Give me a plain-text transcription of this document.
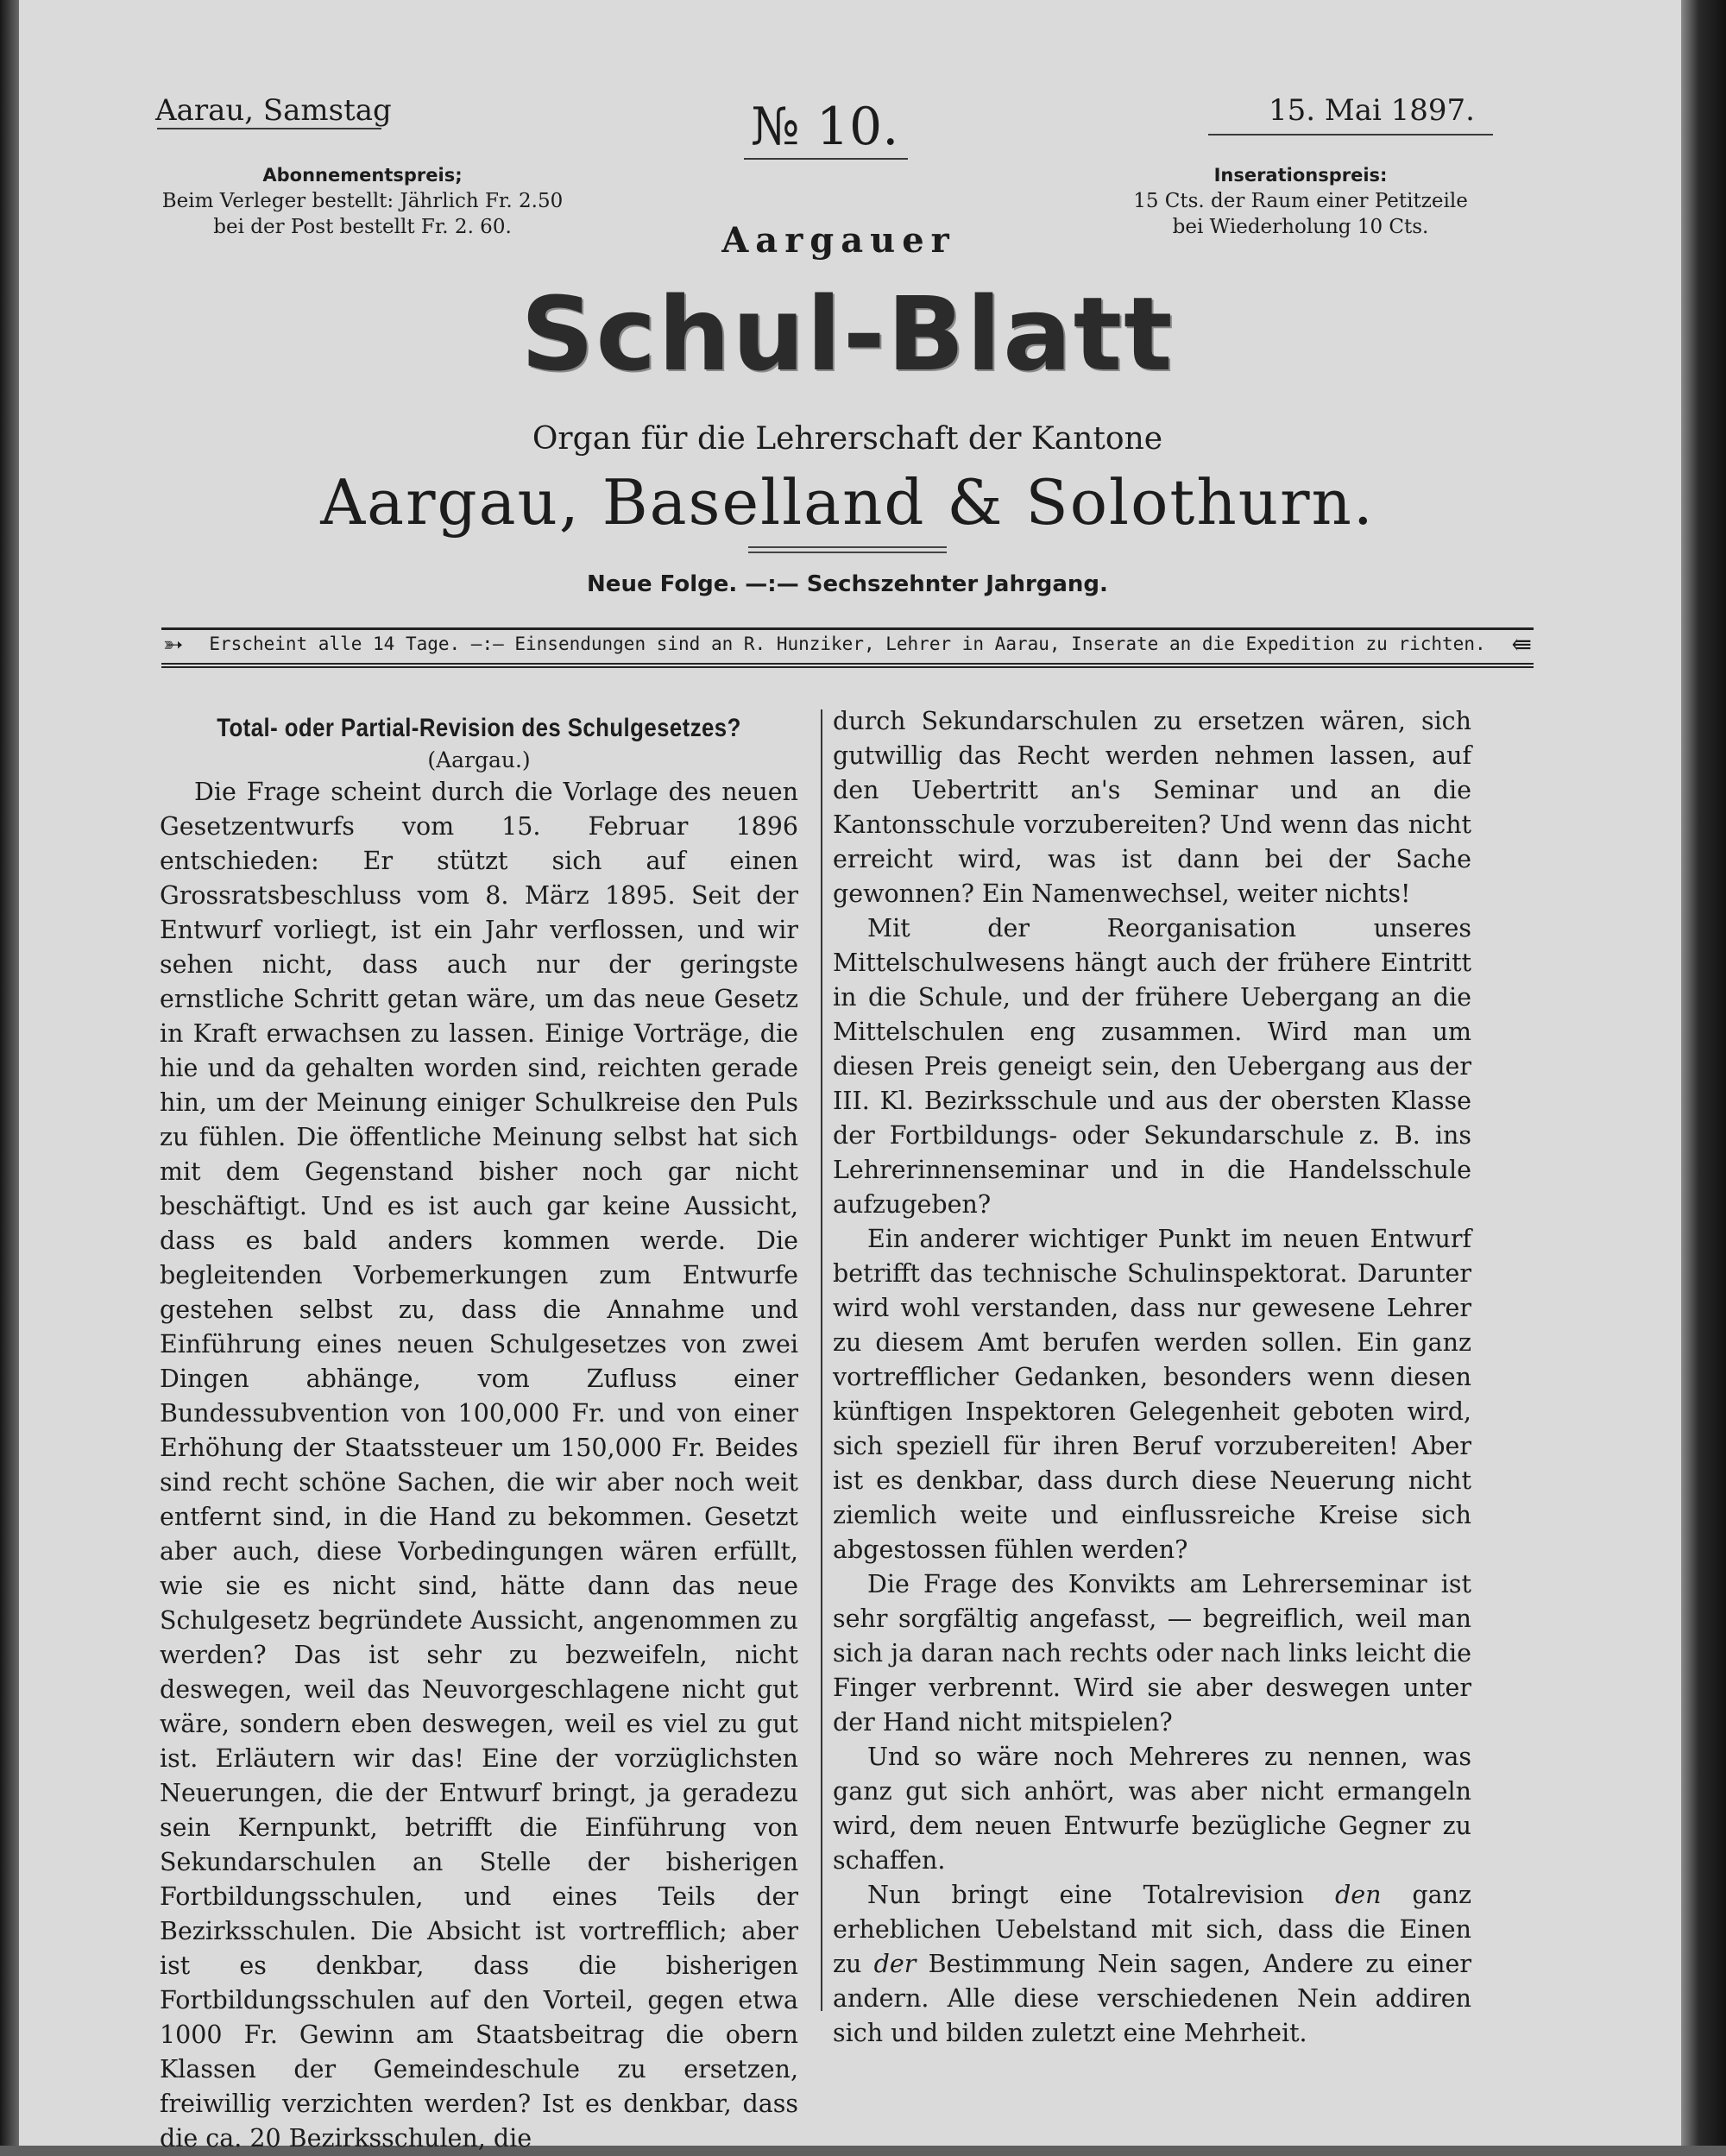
Aarau, Samstag	№ 10.	15. Mai 1897.
Abonnementspreis;
Beim Verleger bestellt: Jährlich Fr. 2.50
bei der Post bestellt Fr. 2. 60.
Inserationspreis:
15 Cts. der Raum einer Petitzeile
bei Wiederholung 10 Cts.
Aargauer
Schul-Blatt
Organ für die Lehrerschaft der Kantone
Aargau, Baselland & Solothurn.
Neue Folge. —:— Sechszehnter Jahrgang.
➳	Erscheint alle 14 Tage. —:— Einsendungen sind an R. Hunziker, Lehrer in Aarau, Inserate an die Expedition zu richten.	⇚
Total- oder Partial-Revision des Schulgesetzes?
(Aargau.)

Die Frage scheint durch die Vorlage des neuen Gesetzentwurfs vom 15. Februar 1896 entschieden: Er stützt sich auf einen Grossratsbeschluss vom 8. März 1895. Seit der Entwurf vorliegt, ist ein Jahr verflossen, und wir sehen nicht, dass auch nur der geringste ernstliche Schritt getan wäre, um das neue Gesetz in Kraft erwachsen zu lassen. Einige Vorträge, die hie und da gehalten worden sind, reichten gerade hin, um der Meinung einiger Schulkreise den Puls zu fühlen. Die öffentliche Meinung selbst hat sich mit dem Gegenstand bisher noch gar nicht beschäftigt. Und es ist auch gar keine Aussicht, dass es bald anders kommen werde. Die begleitenden Vorbemerkungen zum Entwurfe gestehen selbst zu, dass die Annahme und Einführung eines neuen Schulgesetzes von zwei Dingen abhänge, vom Zufluss einer Bundessubvention von 100,000 Fr. und von einer Erhöhung der Staatssteuer um 150,000 Fr. Beides sind recht schöne Sachen, die wir aber noch weit entfernt sind, in die Hand zu bekommen. Gesetzt aber auch, diese Vorbedingungen wären erfüllt, wie sie es nicht sind, hätte dann das neue Schulgesetz begründete Aussicht, angenommen zu werden? Das ist sehr zu bezweifeln, nicht deswegen, weil das Neuvorgeschlagene nicht gut wäre, sondern eben deswegen, weil es viel zu gut ist. Erläutern wir das! Eine der vorzüglichsten Neuerungen, die der Entwurf bringt, ja geradezu sein Kernpunkt, betrifft die Einführung von Sekundarschulen an Stelle der bisherigen Fortbildungsschulen, und eines Teils der Bezirksschulen. Die Absicht ist vortrefflich; aber ist es denkbar, dass die bisherigen Fortbildungsschulen auf den Vorteil, gegen etwa 1000 Fr. Gewinn am Staatsbeitrag die obern Klassen der Gemeindeschule zu ersetzen, freiwillig verzichten werden? Ist es denkbar, dass die ca. 20 Bezirksschulen, die

durch Sekundarschulen zu ersetzen wären, sich gutwillig das Recht werden nehmen lassen, auf den Uebertritt an's Seminar und an die Kantonsschule vorzubereiten? Und wenn das nicht erreicht wird, was ist dann bei der Sache gewonnen? Ein Namenwechsel, weiter nichts!

Mit der Reorganisation unseres Mittelschulwesens hängt auch der frühere Eintritt in die Schule, und der frühere Uebergang an die Mittelschulen eng zusammen. Wird man um diesen Preis geneigt sein, den Uebergang aus der III. Kl. Bezirksschule und aus der obersten Klasse der Fortbildungs- oder Sekundarschule z. B. ins Lehrerinnenseminar und in die Handelsschule aufzugeben?

Ein anderer wichtiger Punkt im neuen Entwurf betrifft das technische Schulinspektorat. Darunter wird wohl verstanden, dass nur gewesene Lehrer zu diesem Amt berufen werden sollen. Ein ganz vortrefflicher Gedanken, besonders wenn diesen künftigen Inspektoren Gelegenheit geboten wird, sich speziell für ihren Beruf vorzubereiten! Aber ist es denkbar, dass durch diese Neuerung nicht ziemlich weite und einflussreiche Kreise sich abgestossen fühlen werden?

Die Frage des Konvikts am Lehrerseminar ist sehr sorgfältig angefasst, — begreiflich, weil man sich ja daran nach rechts oder nach links leicht die Finger verbrennt. Wird sie aber deswegen unter der Hand nicht mitspielen?

Und so wäre noch Mehreres zu nennen, was ganz gut sich anhört, was aber nicht ermangeln wird, dem neuen Entwurfe bezügliche Gegner zu schaffen.

Nun bringt eine Totalrevision den ganz erheblichen Uebelstand mit sich, dass die Einen zu der Bestimmung Nein sagen, Andere zu einer andern. Alle diese verschiedenen Nein addiren sich und bilden zuletzt eine Mehrheit.
